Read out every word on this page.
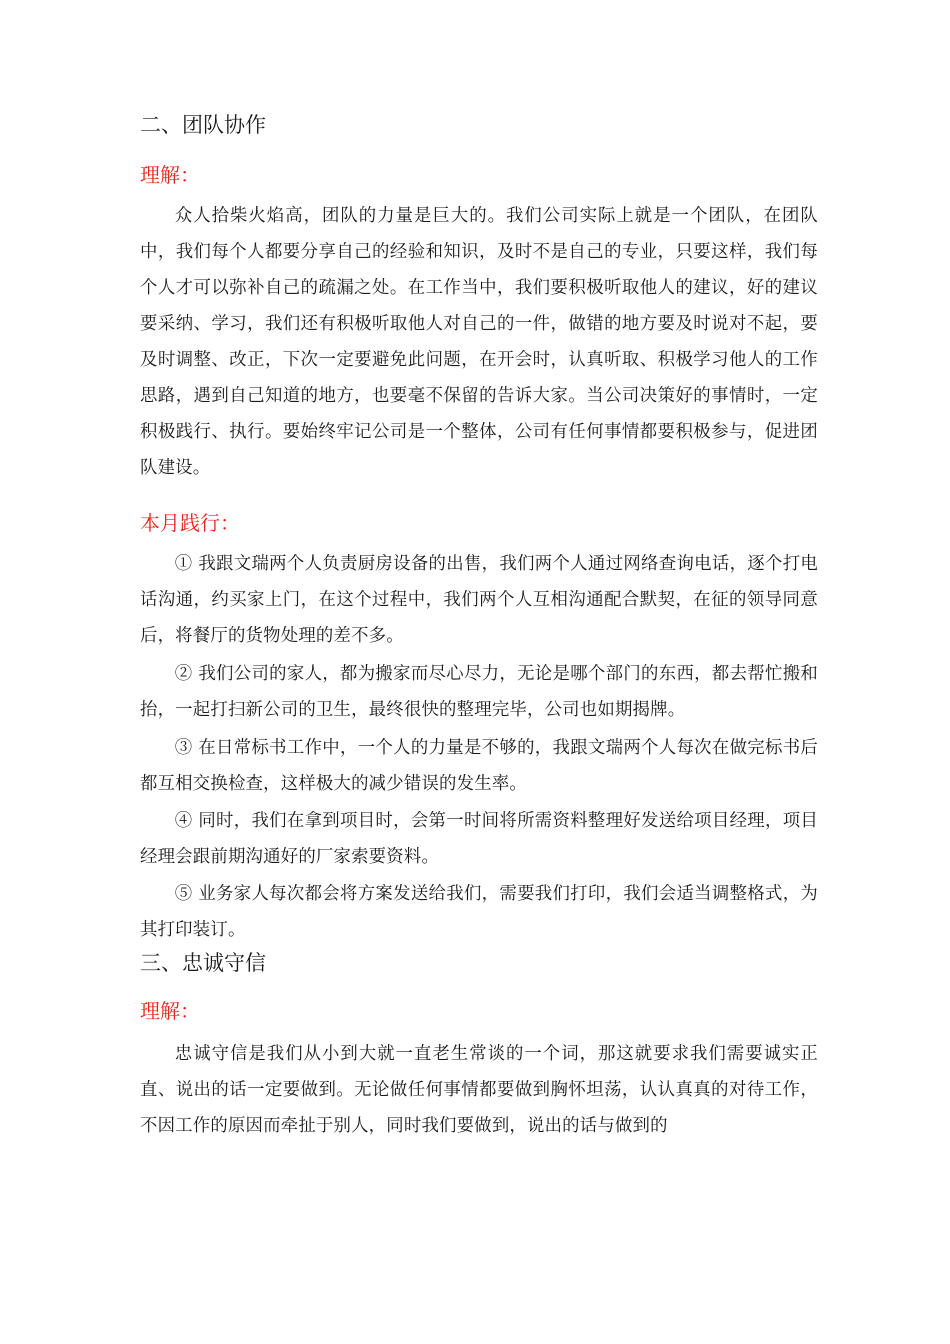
二、团队协作
理解：

众人拾柴火焰高，团队的力量是巨大的。我们公司实际上就是一个团队，在团队中，我们每个人都要分享自己的经验和知识，及时不是自己的专业，只要这样，我们每个人才可以弥补自己的疏漏之处。在工作当中，我们要积极听取他人的建议，好的建议要采纳、学习，我们还有积极听取他人对自己的一件，做错的地方要及时说对不起，要及时调整、改正，下次一定要避免此问题，在开会时，认真听取、积极学习他人的工作思路，遇到自己知道的地方，也要毫不保留的告诉大家。当公司决策好的事情时，一定积极践行、执行。要始终牢记公司是一个整体，公司有任何事情都要积极参与，促进团队建设。

本月践行：

① 我跟文瑞两个人负责厨房设备的出售，我们两个人通过网络查询电话，逐个打电话沟通，约买家上门，在这个过程中，我们两个人互相沟通配合默契，在征的领导同意后，将餐厅的货物处理的差不多。

② 我们公司的家人，都为搬家而尽心尽力，无论是哪个部门的东西，都去帮忙搬和抬，一起打扫新公司的卫生，最终很快的整理完毕，公司也如期揭牌。

③ 在日常标书工作中，一个人的力量是不够的，我跟文瑞两个人每次在做完标书后都互相交换检查，这样极大的减少错误的发生率。

④ 同时，我们在拿到项目时，会第一时间将所需资料整理好发送给项目经理，项目经理会跟前期沟通好的厂家索要资料。

⑤ 业务家人每次都会将方案发送给我们，需要我们打印，我们会适当调整格式，为其打印装订。

三、忠诚守信
理解：

忠诚守信是我们从小到大就一直老生常谈的一个词，那这就要求我们需要诚实正直、说出的话一定要做到。无论做任何事情都要做到胸怀坦荡，认认真真的对待工作，不因工作的原因而牵扯于别人，同时我们要做到，说出的话与做到的
